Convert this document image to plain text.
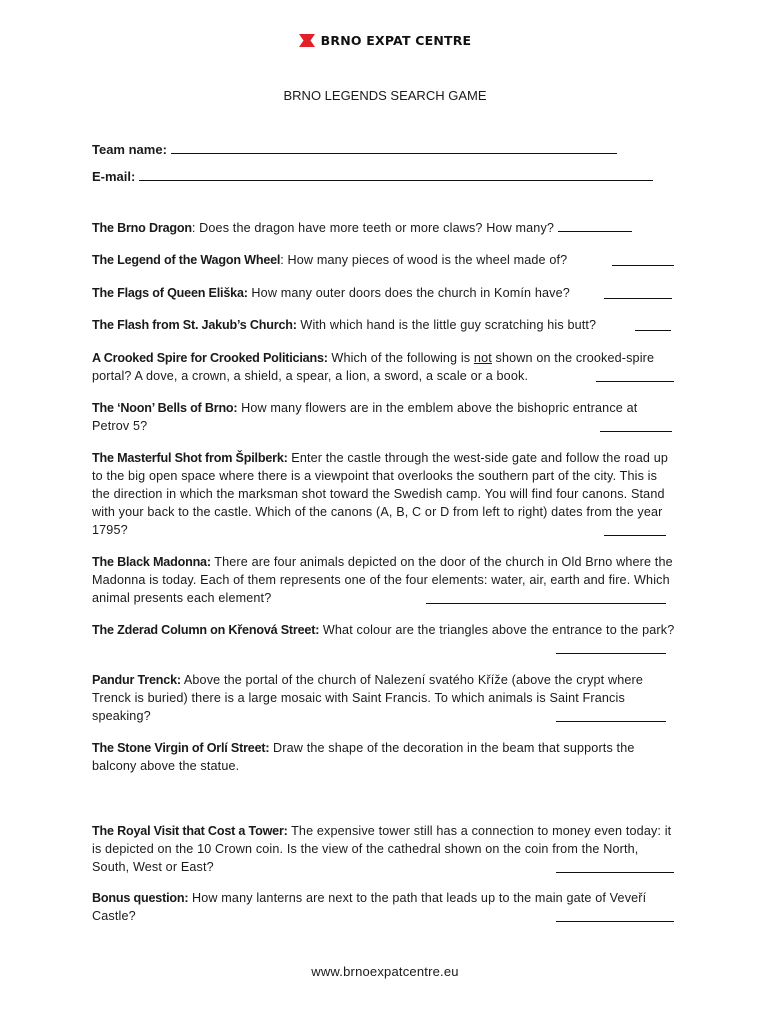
BRNO EXPAT CENTRE
BRNO LEGENDS SEARCH GAME
Team name:
E-mail:
The Brno Dragon: Does the dragon have more teeth or more claws? How many?
The Legend of the Wagon Wheel: How many pieces of wood is the wheel made of?
The Flags of Queen Eliška: How many outer doors does the church in Komín have?
The Flash from St. Jakub’s Church: With which hand is the little guy scratching his butt?
A Crooked Spire for Crooked Politicians: Which of the following is not shown on the crooked-spire portal? A dove, a crown, a shield, a spear, a lion, a sword, a scale or a book.
The ‘Noon’ Bells of Brno: How many flowers are in the emblem above the bishopric entrance at Petrov 5?
The Masterful Shot from Špilberk: Enter the castle through the west-side gate and follow the road up to the big open space where there is a viewpoint that overlooks the southern part of the city. This is the direction in which the marksman shot toward the Swedish camp. You will find four canons. Stand with your back to the castle. Which of the canons (A, B, C or D from left to right) dates from the year 1795?
The Black Madonna: There are four animals depicted on the door of the church in Old Brno where the Madonna is today. Each of them represents one of the four elements: water, air, earth and fire. Which animal presents each element?
The Zderad Column on Křenová Street: What colour are the triangles above the entrance to the park?
Pandur Trenck: Above the portal of the church of Nalezení svatého Kříže (above the crypt where Trenck is buried) there is a large mosaic with Saint Francis. To which animals is Saint Francis speaking?
The Stone Virgin of Orlí Street: Draw the shape of the decoration in the beam that supports the balcony above the statue.
The Royal Visit that Cost a Tower: The expensive tower still has a connection to money even today: it is depicted on the 10 Crown coin. Is the view of the cathedral shown on the coin from the North, South, West or East?
Bonus question: How many lanterns are next to the path that leads up to the main gate of Veveří Castle?
www.brnoexpatcentre.eu
